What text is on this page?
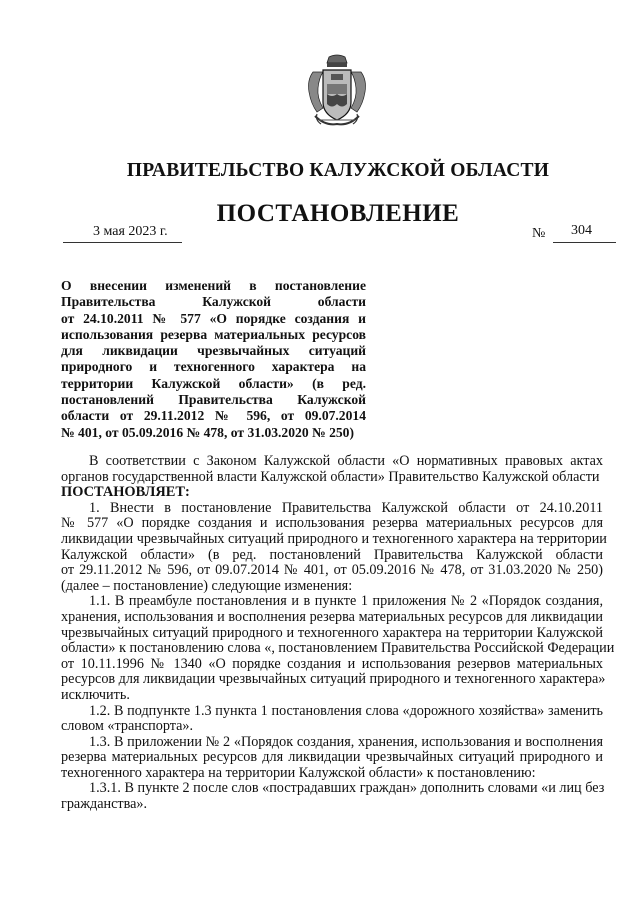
ПРАВИТЕЛЬСТВО КАЛУЖСКОЙ ОБЛАСТИ
ПОСТАНОВЛЕНИЕ
3 мая 2023 г.	№ 304
О внесении изменений в постановление
Правительства Калужской области
от 24.10.2011 № 577 «О порядке создания и
использования резерва материальных ресурсов
для ликвидации чрезвычайных ситуаций
природного и техногенного характера на
территории Калужской области» (в ред.
постановлений Правительства Калужской
области от 29.11.2012 № 596, от 09.07.2014
№ 401, от 05.09.2016 № 478, от 31.03.2020 № 250)
В соответствии с Законом Калужской области «О нормативных правовых актах
органов государственной власти Калужской области» Правительство Калужской области
ПОСТАНОВЛЯЕТ:
1. Внести в постановление Правительства Калужской области от 24.10.2011
№ 577 «О порядке создания и использования резерва материальных ресурсов для
ликвидации чрезвычайных ситуаций природного и техногенного характера на территории
Калужской области» (в ред. постановлений Правительства Калужской области
от 29.11.2012 № 596, от 09.07.2014 № 401, от 05.09.2016 № 478, от 31.03.2020 № 250)
(далее – постановление) следующие изменения:
1.1. В преамбуле постановления и в пункте 1 приложения № 2 «Порядок создания,
хранения, использования и восполнения резерва материальных ресурсов для ликвидации
чрезвычайных ситуаций природного и техногенного характера на территории Калужской
области» к постановлению слова «, постановлением Правительства Российской Федерации
от 10.11.1996 № 1340 «О порядке создания и использования резервов материальных
ресурсов для ликвидации чрезвычайных ситуаций природного и техногенного характера»
исключить.
1.2. В подпункте 1.3 пункта 1 постановления слова «дорожного хозяйства» заменить
словом «транспорта».
1.3. В приложении № 2 «Порядок создания, хранения, использования и восполнения
резерва материальных ресурсов для ликвидации чрезвычайных ситуаций природного и
техногенного характера на территории Калужской области» к постановлению:
1.3.1. В пункте 2 после слов «пострадавших граждан» дополнить словами «и лиц без
гражданства».
